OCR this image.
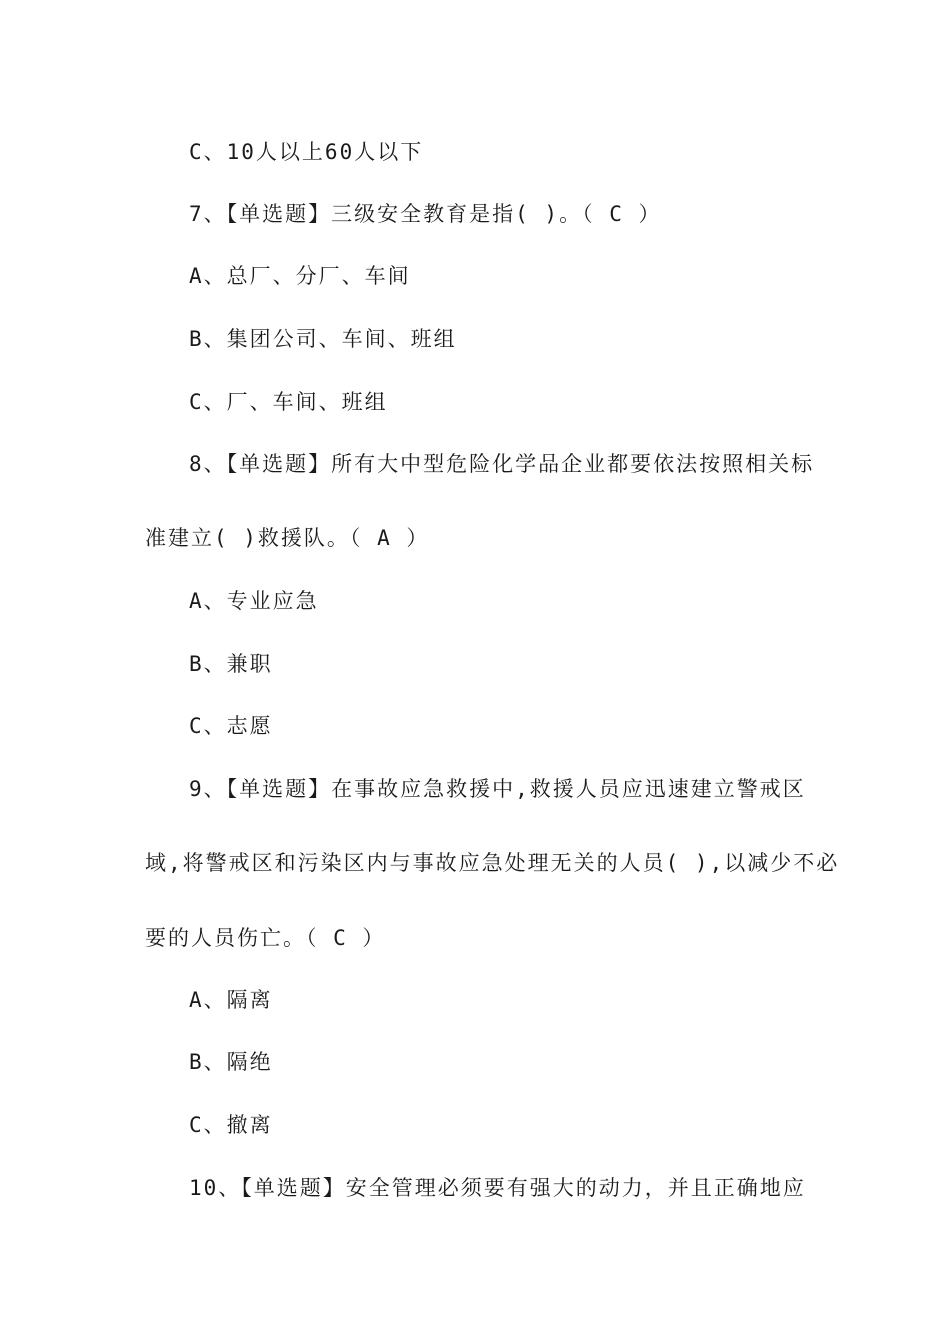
C、10人以上60人以下
7、【单选题】三级安全教育是指( )。（ C ）
A、总厂、分厂、车间
B、集团公司、车间、班组
C、厂、车间、班组
8、【单选题】所有大中型危险化学品企业都要依法按照相关标
准建立( )救援队。（ A ）
A、专业应急
B、兼职
C、志愿
9、【单选题】在事故应急救援中,救援人员应迅速建立警戒区
域,将警戒区和污染区内与事故应急处理无关的人员( ),以减少不必
要的人员伤亡。（ C ）
A、隔离
B、隔绝
C、撤离
10、【单选题】安全管理必须要有强大的动力，并且正确地应
